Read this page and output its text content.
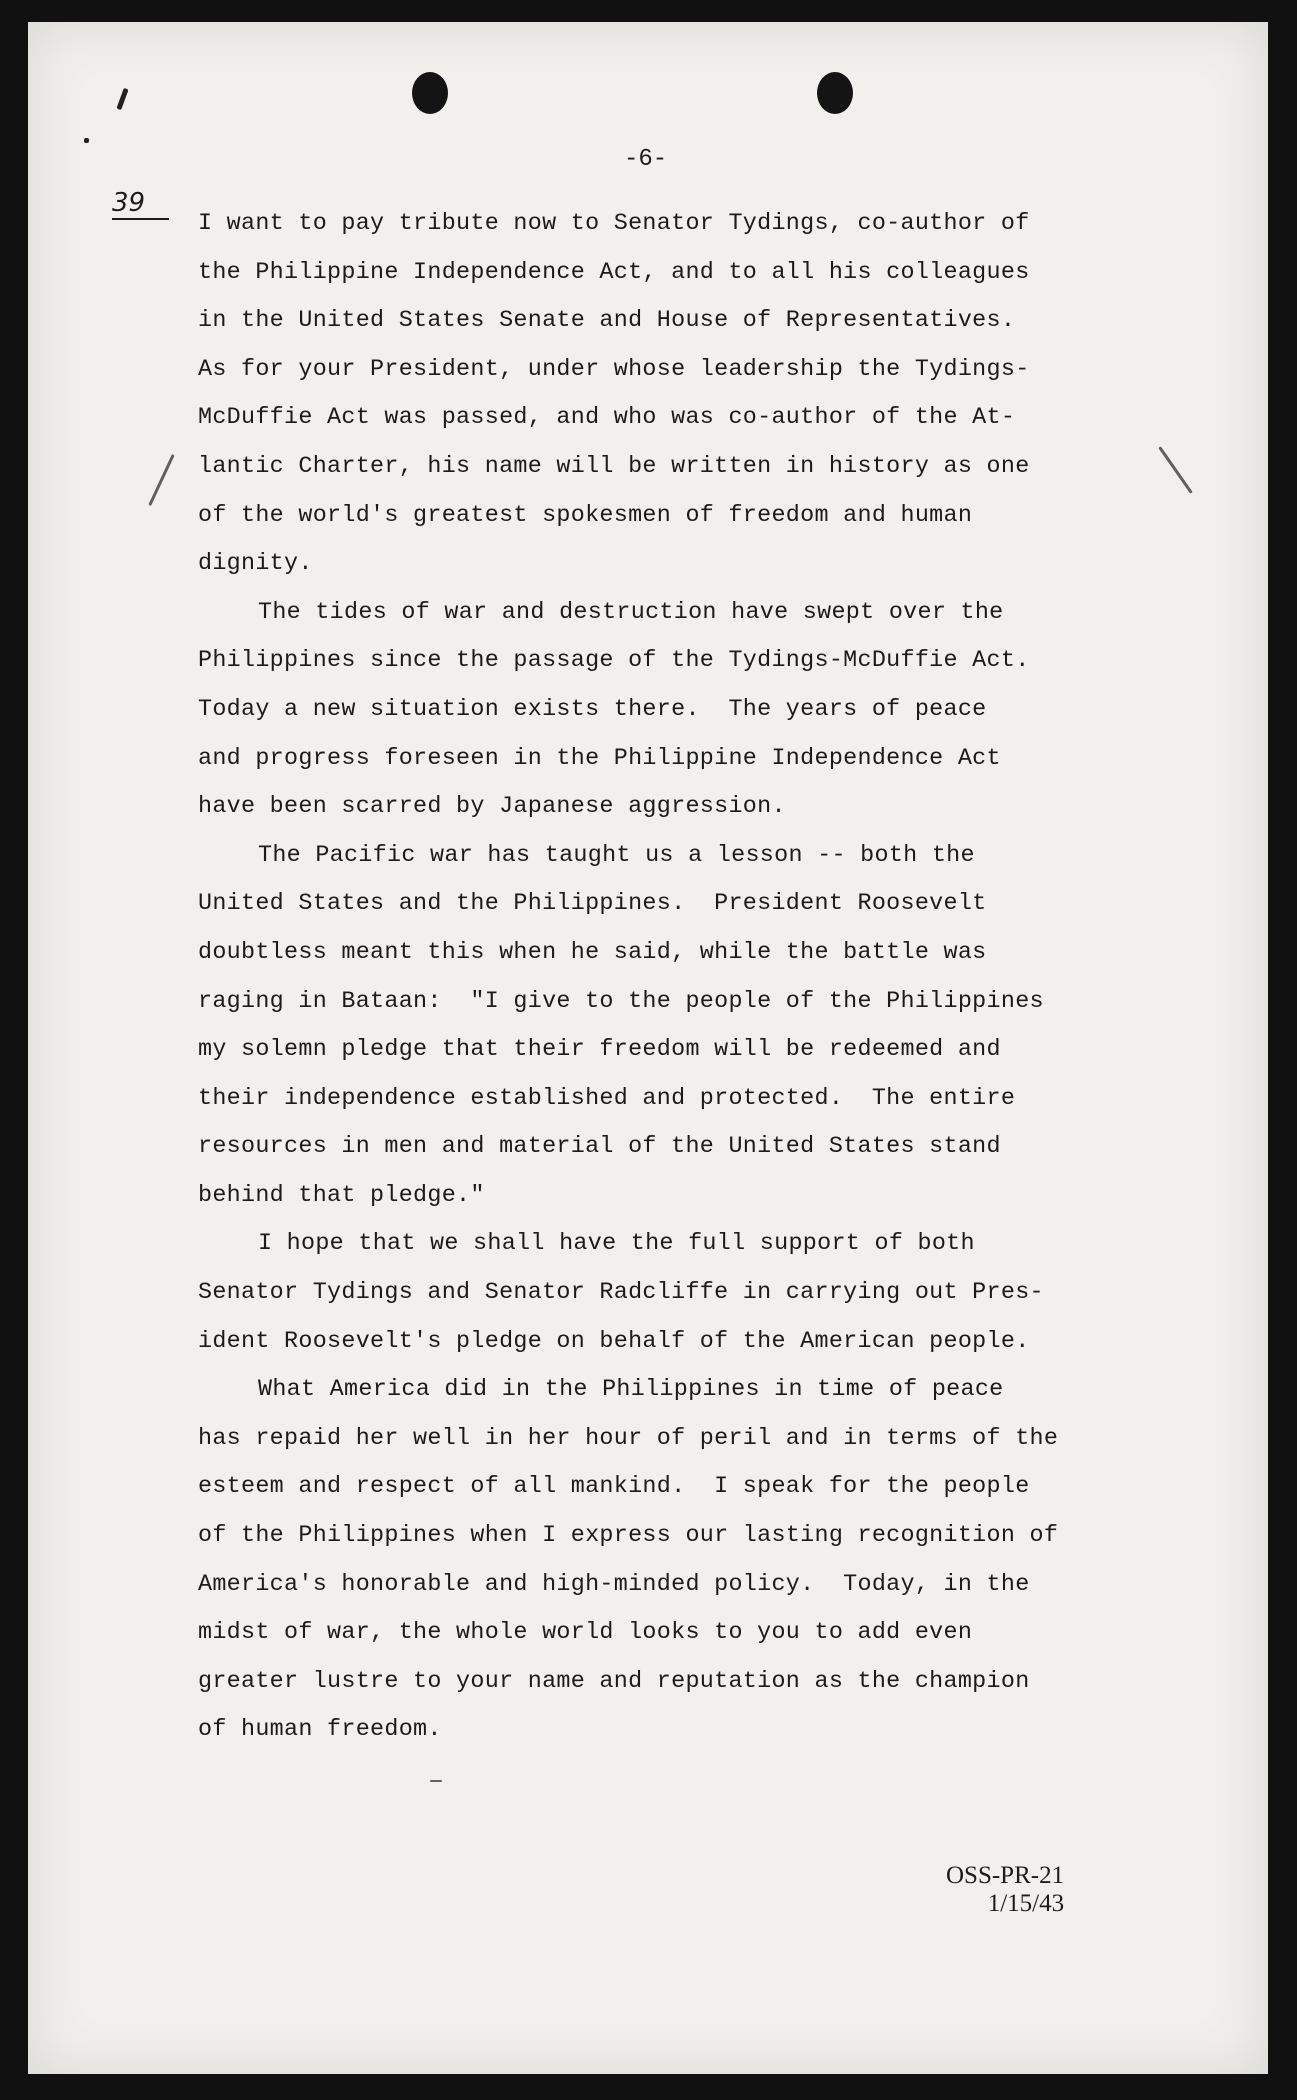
-6-
39
I want to pay tribute now to Senator Tydings, co-author of
the Philippine Independence Act, and to all his colleagues
in the United States Senate and House of Representatives.
As for your President, under whose leadership the Tydings-
McDuffie Act was passed, and who was co-author of the At-
lantic Charter, his name will be written in history as one
of the world's greatest spokesmen of freedom and human
dignity.
The tides of war and destruction have swept over the
Philippines since the passage of the Tydings-McDuffie Act.
Today a new situation exists there.  The years of peace
and progress foreseen in the Philippine Independence Act
have been scarred by Japanese aggression.
The Pacific war has taught us a lesson -- both the
United States and the Philippines.  President Roosevelt
doubtless meant this when he said, while the battle was
raging in Bataan:  "I give to the people of the Philippines
my solemn pledge that their freedom will be redeemed and
their independence established and protected.  The entire
resources in men and material of the United States stand
behind that pledge."
I hope that we shall have the full support of both
Senator Tydings and Senator Radcliffe in carrying out Pres-
ident Roosevelt's pledge on behalf of the American people.
What America did in the Philippines in time of peace
has repaid her well in her hour of peril and in terms of the
esteem and respect of all mankind.  I speak for the people
of the Philippines when I express our lasting recognition of
America's honorable and high-minded policy.  Today, in the
midst of war, the whole world looks to you to add even
greater lustre to your name and reputation as the champion
of human freedom.
OSS-PR-21
1/15/43
